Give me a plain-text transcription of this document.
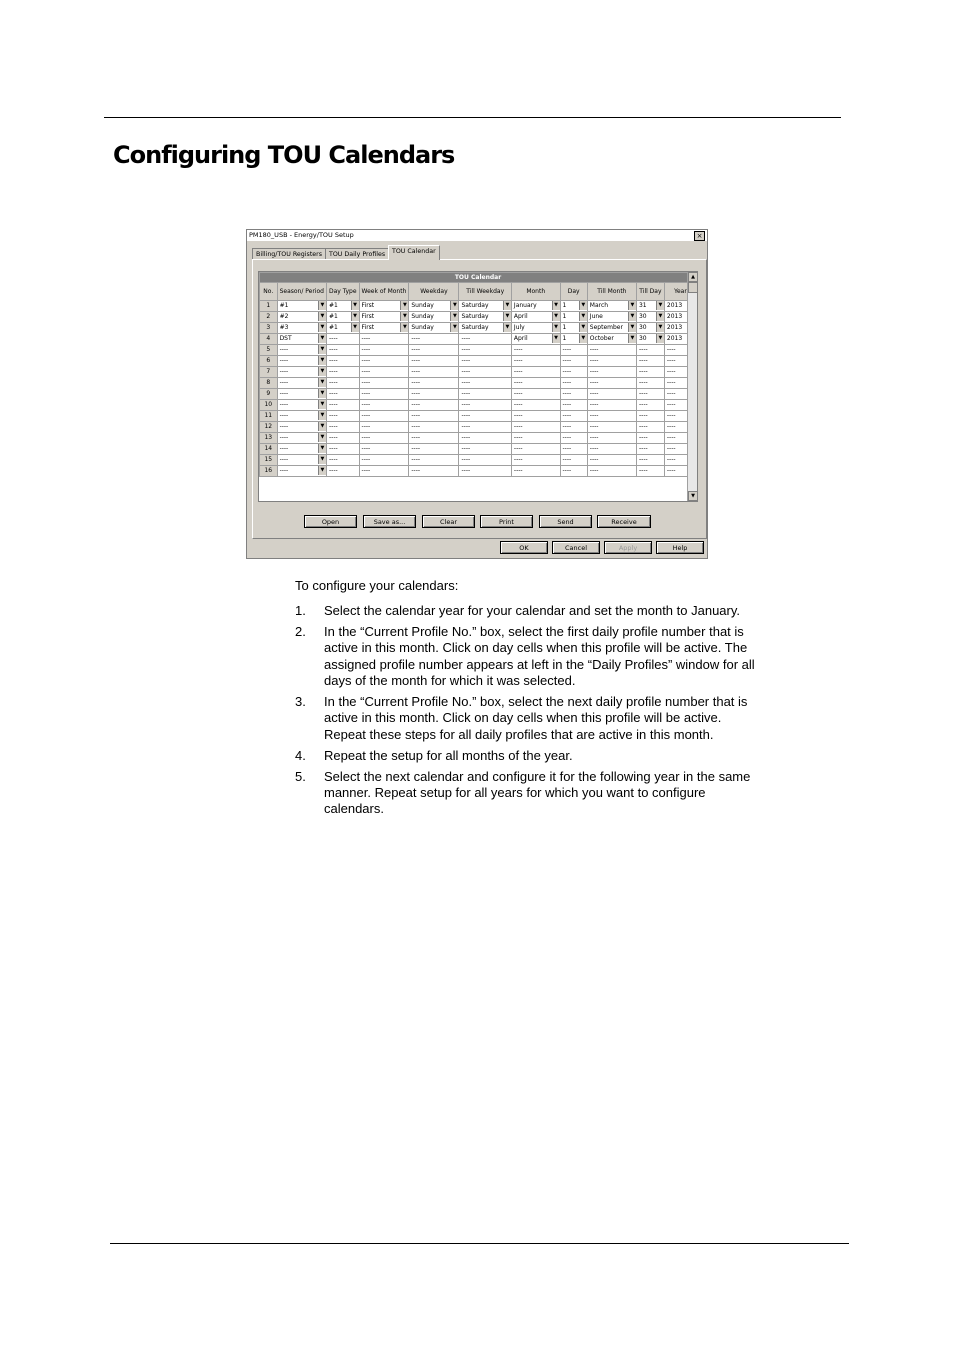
Configuring TOU Calendars
PM180_USB - Energy/TOU Setup	×
Billing/TOU Registers	TOU Daily Profiles	TOU Calendar
TOU Calendar										
No.	Season/ Period	Day Type	Week of Month	Weekday	Till Weekday	Month	Day	Till Month	Till Day	Year
1	#1 ▼	#1 ▼	First ▼	Sunday ▼	Saturday ▼	January ▼	1 ▼	March ▼	31 ▼	2013

2	#2 ▼	#1 ▼	First ▼	Sunday ▼	Saturday ▼	April ▼	1 ▼	June ▼	30 ▼	2013

3	#3 ▼	#1 ▼	First ▼	Sunday ▼	Saturday ▼	July ▼	1 ▼	September ▼	30 ▼	2013

4	DST ▼	----	----	----	----	April ▼	1 ▼	October ▼	30 ▼	2013

5	---- ▼	----	----	----	----	----	----	----	----	----
6	---- ▼	----	----	----	----	----	----	----	----	----
7	---- ▼	----	----	----	----	----	----	----	----	----
8	---- ▼	----	----	----	----	----	----	----	----	----
9	---- ▼	----	----	----	----	----	----	----	----	----
10	---- ▼	----	----	----	----	----	----	----	----	----
11	---- ▼	----	----	----	----	----	----	----	----	----
12	---- ▼	----	----	----	----	----	----	----	----	----
13	---- ▼	----	----	----	----	----	----	----	----	----
14	---- ▼	----	----	----	----	----	----	----	----	----
15	---- ▼	----	----	----	----	----	----	----	----	----
16	---- ▼	----	----	----	----	----	----	----	----	----
▲
▼
Open	Save as...	Clear	Print	Send	Receive
OK	Cancel	Apply	Help
To configure your calendars:
1. Select the calendar year for your calendar and set the month to January.
2. In the “Current Profile No.” box, select the first daily profile number that is active in this month. Click on day cells when this profile will be active. The assigned profile number appears at left in the “Daily Profiles” window for all days of the month for which it was selected.
3. In the “Current Profile No.” box, select the next daily profile number that is active in this month. Click on day cells when this profile will be active. Repeat these steps for all daily profiles that are active in this month.
4. Repeat the setup for all months of the year.
5. Select the next calendar and configure it for the following year in the same manner. Repeat setup for all years for which you want to configure calendars.
